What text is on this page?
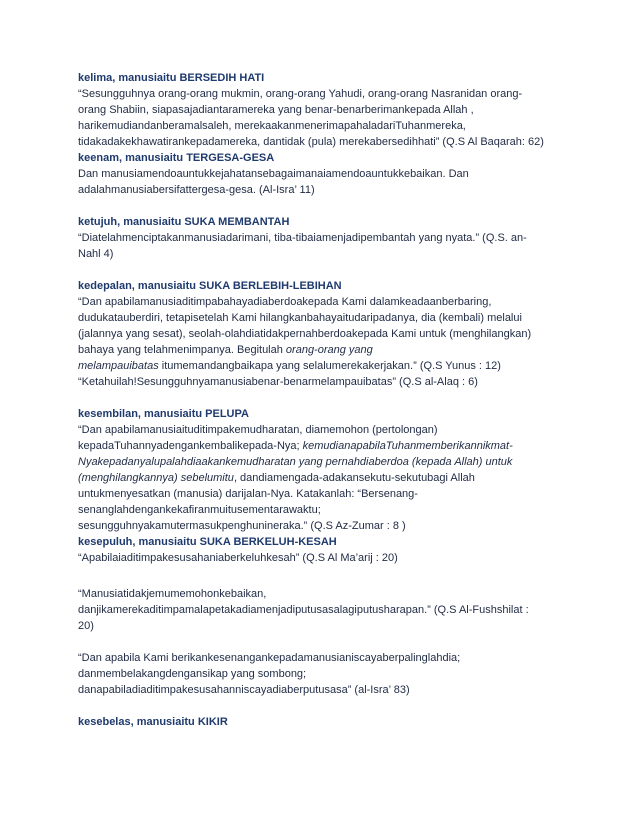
kelima, manusiaitu BERSEDIH HATI

“Sesungguhnya orang-orang mukmin, orang-orang Yahudi, orang-orang Nasranidan orang-

orang Shabiin, siapasajadiantaramereka yang benar-benarberimankepada Allah ,

harikemudiandanberamalsaleh, merekaakanmenerimapahaladariTuhanmereka,

tidakadakekhawatirankepadamereka, dantidak (pula) merekabersedihhati” (Q.S Al Baqarah: 62)

keenam, manusiaitu TERGESA-GESA

Dan manusiamendoauntukkejahatansebagaimanaiamendoauntukkebaikan. Dan

adalahmanusiabersifattergesa-gesa. (Al-Isra’ 11)

ketujuh, manusiaitu SUKA MEMBANTAH

“Diatelahmenciptakanmanusiadarimani, tiba-tibaiamenjadipembantah yang nyata.” (Q.S. an-

Nahl 4)

kedepalan, manusiaitu SUKA BERLEBIH-LEBIHAN

“Dan apabilamanusiaditimpabahayadiaberdoakepada Kami dalamkeadaanberbaring,

dudukatauberdiri, tetapisetelah Kami hilangkanbahayaitudaripadanya, dia (kembali) melalui

(jalannya yang sesat), seolah-olahdiatidakpernahberdoakepada Kami untuk (menghilangkan)

bahaya yang telahmenimpanya. Begitulah orang-orang yang

melampauibatas itumemandangbaikapa yang selalumerekakerjakan.” (Q.S Yunus : 12)

“Ketahuilah!Sesungguhnyamanusiabenar-benarmelampauibatas” (Q.S al-Alaq : 6)

kesembilan, manusiaitu PELUPA

“Dan apabilamanusiaituditimpakemudharatan, diamemohon (pertolongan)

kepadaTuhannyadengankembalikepada-Nya; kemudianapabilaTuhanmemberikannikmat-

Nyakepadanyalupalahdiaakankemudharatan yang pernahdiaberdoa (kepada Allah) untuk

(menghilangkannya) sebelumitu, dandiamengada-adakansekutu-sekutubagi Allah

untukmenyesatkan (manusia) darijalan-Nya. Katakanlah: “Bersenang-

senanglahdengankekafiranmuitusementarawaktu;

sesungguhnyakamutermasukpenghunineraka.” (Q.S Az-Zumar : 8 )

kesepuluh, manusiaitu SUKA BERKELUH-KESAH

“Apabilaiaditimpakesusahaniaberkeluhkesah” (Q.S Al Ma’arij : 20)

“Manusiatidakjemumemohonkebaikan,

danjikamerekaditimpamalapetakadiamenjadiputusasalagiputusharapan.” (Q.S Al-Fushshilat :

20)

“Dan apabila Kami berikankesenangankepadamanusianiscayaberpalinglahdia;

danmembelakangdengansikap yang sombong;

danapabiladiaditimpakesusahanniscayadiaberputusasa” (al-Isra’ 83)

kesebelas, manusiaitu KIKIR
